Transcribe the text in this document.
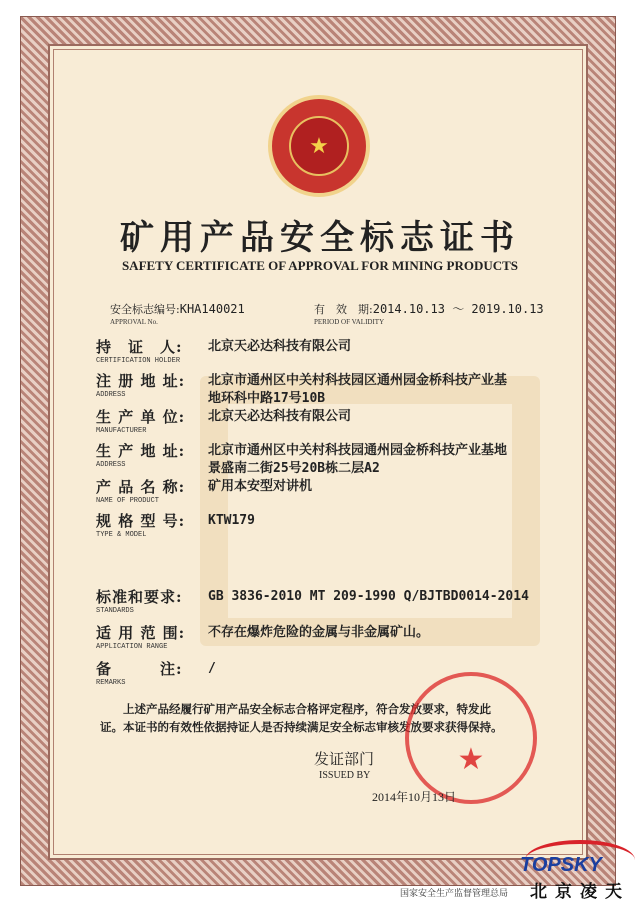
★
矿用产品安全标志证书
SAFETY CERTIFICATE OF APPROVAL FOR MINING PRODUCTS
安全标志编号:KHA140021
APPROVAL No.
有　效　期:2014.10.13 ～ 2019.10.13
PERIOD OF VALIDITY
持　证　人:	北京天必达科技有限公司
CERTIFICATION HOLDER
注 册 地 址:	北京市通州区中关村科技园区通州园金桥科技产业基
地环科中路17号10B
ADDRESS
生 产 单 位:	北京天必达科技有限公司
MANUFACTURER
生 产 地 址:	北京市通州区中关村科技园通州园金桥科技产业基地
景盛南二街25号20B栋二层A2
ADDRESS
产 品 名 称:	矿用本安型对讲机
NAME OF PRODUCT
规 格 型 号:	KTW179
TYPE & MODEL
标准和要求:	GB 3836-2010 MT 209-1990 Q/BJTBD0014-2014
STANDARDS
适 用 范 围:	不存在爆炸危险的金属与非金属矿山。
APPLICATION RANGE
备　　　注:	/
REMARKS
　　上述产品经履行矿用产品安全标志合格评定程序，符合发放要求，特发此
证。本证书的有效性依据持证人是否持续满足安全标志审核发放要求获得保持。
★
发证部门
ISSUED BY
2014年10月13日
TOPSKY
国家安全生产监督管理总局 北京凌天
